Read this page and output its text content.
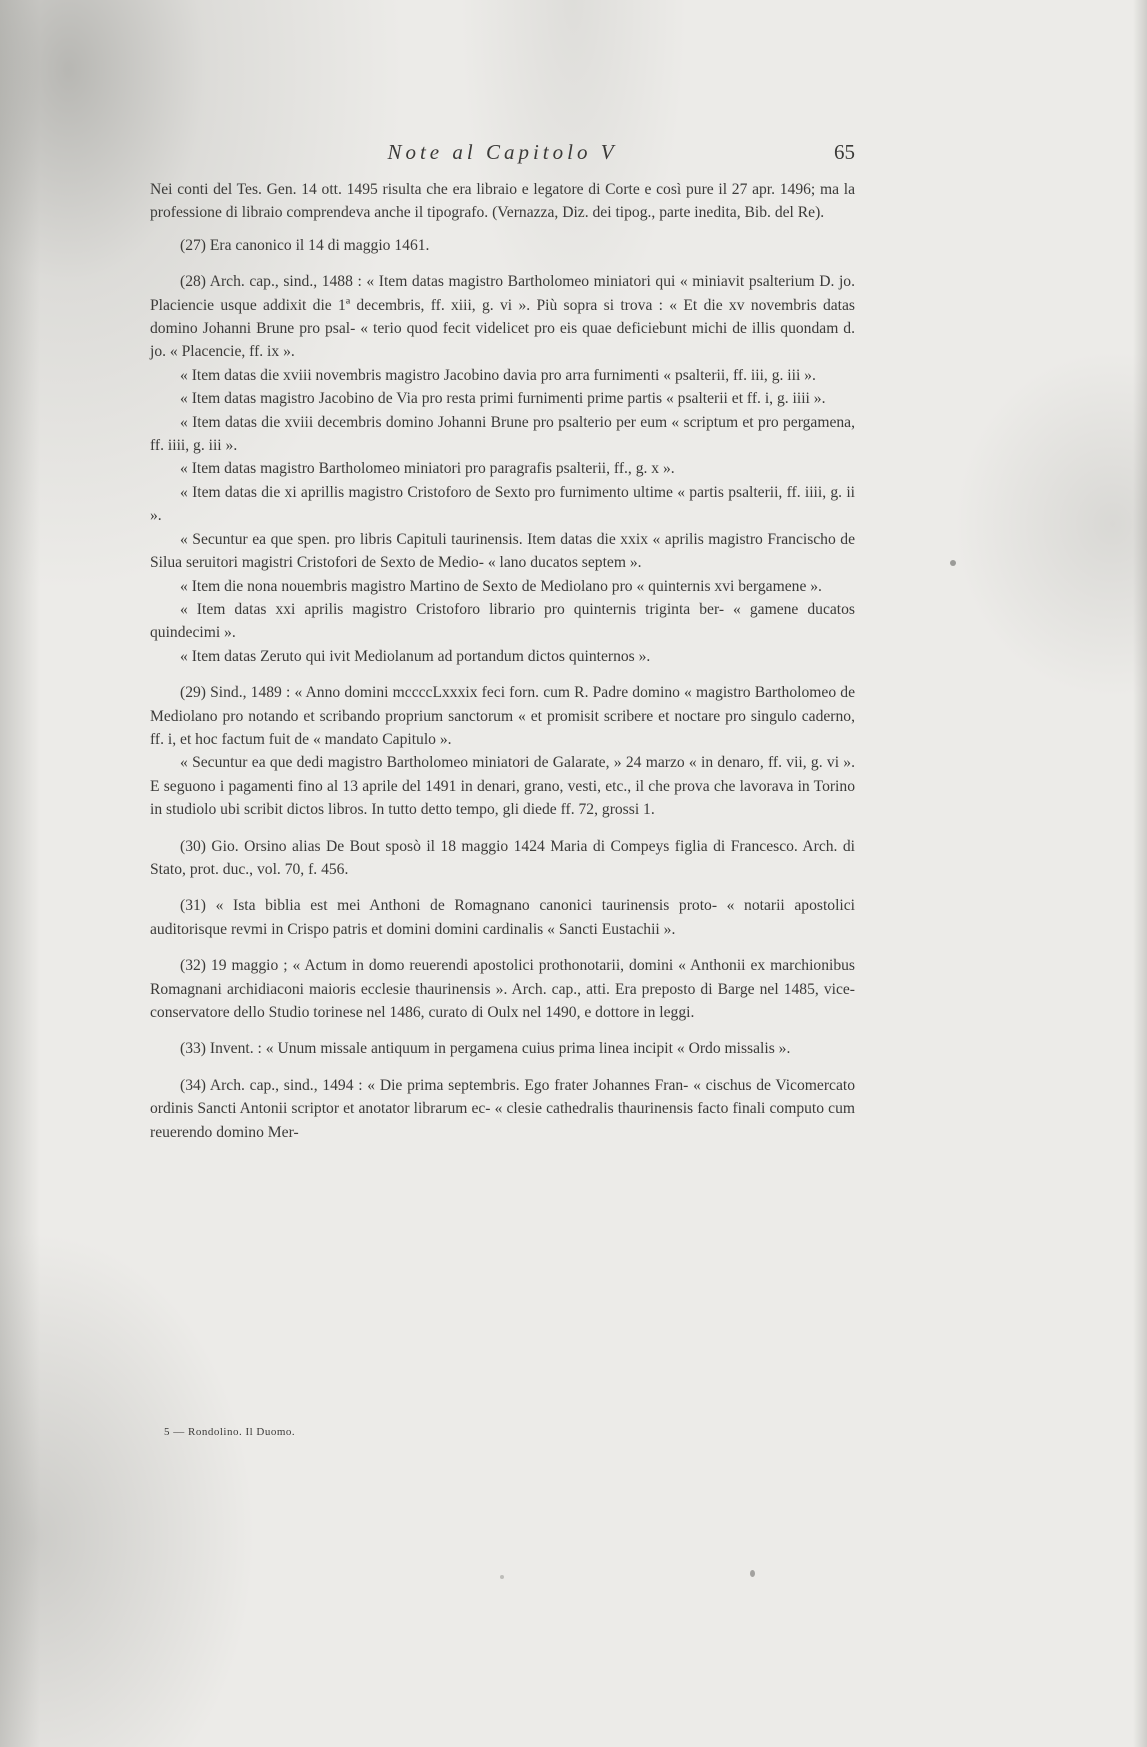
Note al Capitolo V	65

Nei conti del Tes. Gen. 14 ott. 1495 risulta che era libraio e legatore di Corte e così pure il 27 apr. 1496; ma la professione di libraio comprendeva anche il tipografo. (Vernazza, Diz. dei tipog., parte inedita, Bib. del Re).

(27) Era canonico il 14 di maggio 1461.

(28) Arch. cap., sind., 1488 : « Item datas magistro Bartholomeo miniatori qui « miniavit psalterium D. jo. Placiencie usque addixit die 1ª decembris, ff. xiii, g. vi ». Più sopra si trova : « Et die xv novembris datas domino Johanni Brune pro psal- « terio quod fecit videlicet pro eis quae deficiebunt michi de illis quondam d. jo. « Placencie, ff. ix ».

« Item datas die xviii novembris magistro Jacobino davia pro arra furnimenti « psalterii, ff. iii, g. iii ».

« Item datas magistro Jacobino de Via pro resta primi furnimenti prime partis « psalterii et ff. i, g. iiii ».

« Item datas die xviii decembris domino Johanni Brune pro psalterio per eum « scriptum et pro pergamena, ff. iiii, g. iii ».

« Item datas magistro Bartholomeo miniatori pro paragrafis psalterii, ff., g. x ».

« Item datas die xi aprillis magistro Cristoforo de Sexto pro furnimento ultime « partis psalterii, ff. iiii, g. ii ».

« Secuntur ea que spen. pro libris Capituli taurinensis. Item datas die xxix « aprilis magistro Francischo de Silua seruitori magistri Cristofori de Sexto de Medio- « lano ducatos septem ».

« Item die nona nouembris magistro Martino de Sexto de Mediolano pro « quinternis xvi bergamene ».

« Item datas xxi aprilis magistro Cristoforo librario pro quinternis triginta ber- « gamene ducatos quindecimi ».

« Item datas Zeruto qui ivit Mediolanum ad portandum dictos quinternos ».

(29) Sind., 1489 : « Anno domini mccccLxxxix feci forn. cum R. Padre domino « magistro Bartholomeo de Mediolano pro notando et scribando proprium sanctorum « et promisit scribere et noctare pro singulo caderno, ff. i, et hoc factum fuit de « mandato Capitulo ».

« Secuntur ea que dedi magistro Bartholomeo miniatori de Galarate, » 24 marzo « in denaro, ff. vii, g. vi ». E seguono i pagamenti fino al 13 aprile del 1491 in denari, grano, vesti, etc., il che prova che lavorava in Torino in studiolo ubi scribit dictos libros. In tutto detto tempo, gli diede ff. 72, grossi 1.

(30) Gio. Orsino alias De Bout sposò il 18 maggio 1424 Maria di Compeys figlia di Francesco. Arch. di Stato, prot. duc., vol. 70, f. 456.

(31) « Ista biblia est mei Anthoni de Romagnano canonici taurinensis proto- « notarii apostolici auditorisque revmi in Crispo patris et domini domini cardinalis « Sancti Eustachii ».

(32) 19 maggio ; « Actum in domo reuerendi apostolici prothonotarii, domini « Anthonii ex marchionibus Romagnani archidiaconi maioris ecclesie thaurinensis ». Arch. cap., atti. Era preposto di Barge nel 1485, vice-conservatore dello Studio torinese nel 1486, curato di Oulx nel 1490, e dottore in leggi.

(33) Invent. : « Unum missale antiquum in pergamena cuius prima linea incipit « Ordo missalis ».

(34) Arch. cap., sind., 1494 : « Die prima septembris. Ego frater Johannes Fran- « cischus de Vicomercato ordinis Sancti Antonii scriptor et anotator librarum ec- « clesie cathedralis thaurinensis facto finali computo cum reuerendo domino Mer-

5 — Rondolino. Il Duomo.
